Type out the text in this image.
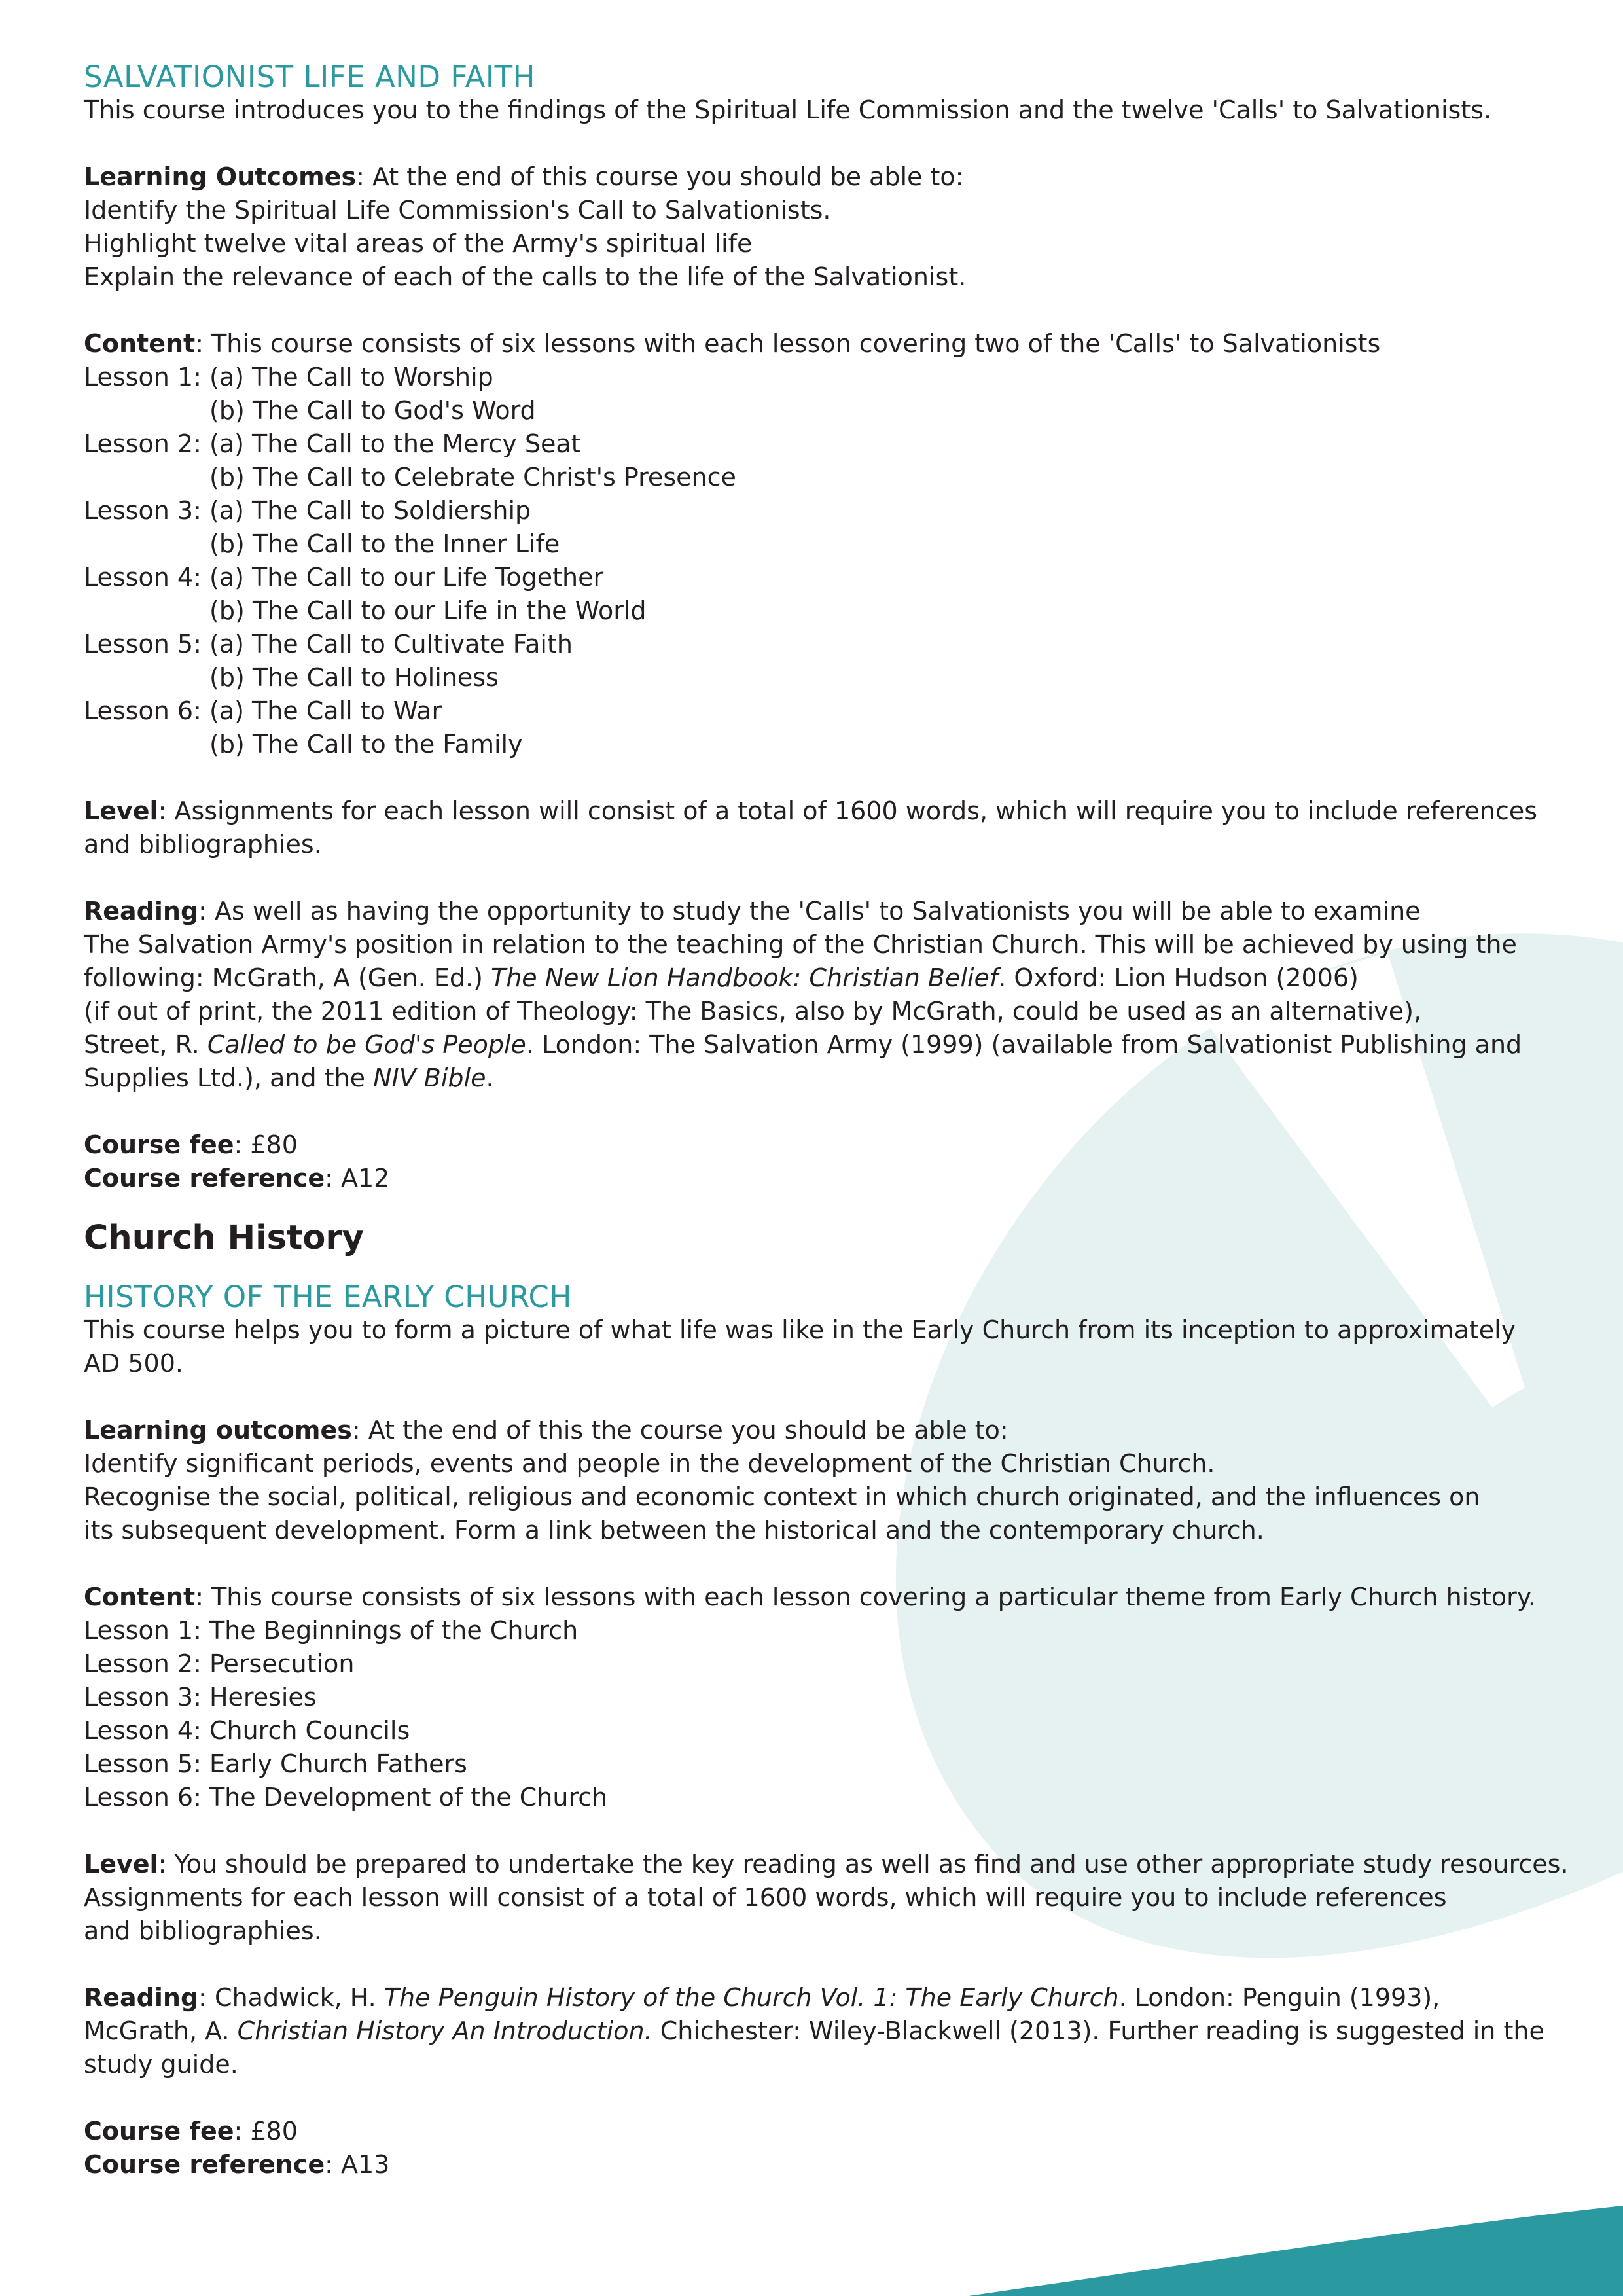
SALVATIONIST LIFE AND FAITH
This course introduces you to the findings of the Spiritual Life Commission and the twelve 'Calls' to Salvationists.
Learning Outcomes: At the end of this course you should be able to:
Identify the Spiritual Life Commission's Call to Salvationists.
Highlight twelve vital areas of the Army's spiritual life
Explain the relevance of each of the calls to the life of the Salvationist.
Content: This course consists of six lessons with each lesson covering two of the 'Calls' to Salvationists
Lesson 1: (a) The Call to Worship
(b) The Call to God's Word
Lesson 2: (a) The Call to the Mercy Seat
(b) The Call to Celebrate Christ's Presence
Lesson 3: (a) The Call to Soldiership
(b) The Call to the Inner Life
Lesson 4: (a) The Call to our Life Together
(b) The Call to our Life in the World
Lesson 5: (a) The Call to Cultivate Faith
(b) The Call to Holiness
Lesson 6: (a) The Call to War
(b) The Call to the Family
Level: Assignments for each lesson will consist of a total of 1600 words, which will require you to include references
and bibliographies.
Reading: As well as having the opportunity to study the 'Calls' to Salvationists you will be able to examine
The Salvation Army's position in relation to the teaching of the Christian Church. This will be achieved by using the
following: McGrath, A (Gen. Ed.) The New Lion Handbook: Christian Belief. Oxford: Lion Hudson (2006)
(if out of print, the 2011 edition of Theology: The Basics, also by McGrath, could be used as an alternative),
Street, R. Called to be God's People. London: The Salvation Army (1999) (available from Salvationist Publishing and
Supplies Ltd.), and the NIV Bible.
Course fee: £80
Course reference: A12
Church History
HISTORY OF THE EARLY CHURCH
This course helps you to form a picture of what life was like in the Early Church from its inception to approximately
AD 500.
Learning outcomes: At the end of this the course you should be able to:
Identify significant periods, events and people in the development of the Christian Church.
Recognise the social, political, religious and economic context in which church originated, and the influences on
its subsequent development. Form a link between the historical and the contemporary church.
Content: This course consists of six lessons with each lesson covering a particular theme from Early Church history.
Lesson 1: The Beginnings of the Church
Lesson 2: Persecution
Lesson 3: Heresies
Lesson 4: Church Councils
Lesson 5: Early Church Fathers
Lesson 6: The Development of the Church
Level: You should be prepared to undertake the key reading as well as find and use other appropriate study resources.
Assignments for each lesson will consist of a total of 1600 words, which will require you to include references
and bibliographies.
Reading: Chadwick, H. The Penguin History of the Church Vol. 1: The Early Church. London: Penguin (1993),
McGrath, A. Christian History An Introduction. Chichester: Wiley-Blackwell (2013). Further reading is suggested in the
study guide.
Course fee: £80
Course reference: A13
